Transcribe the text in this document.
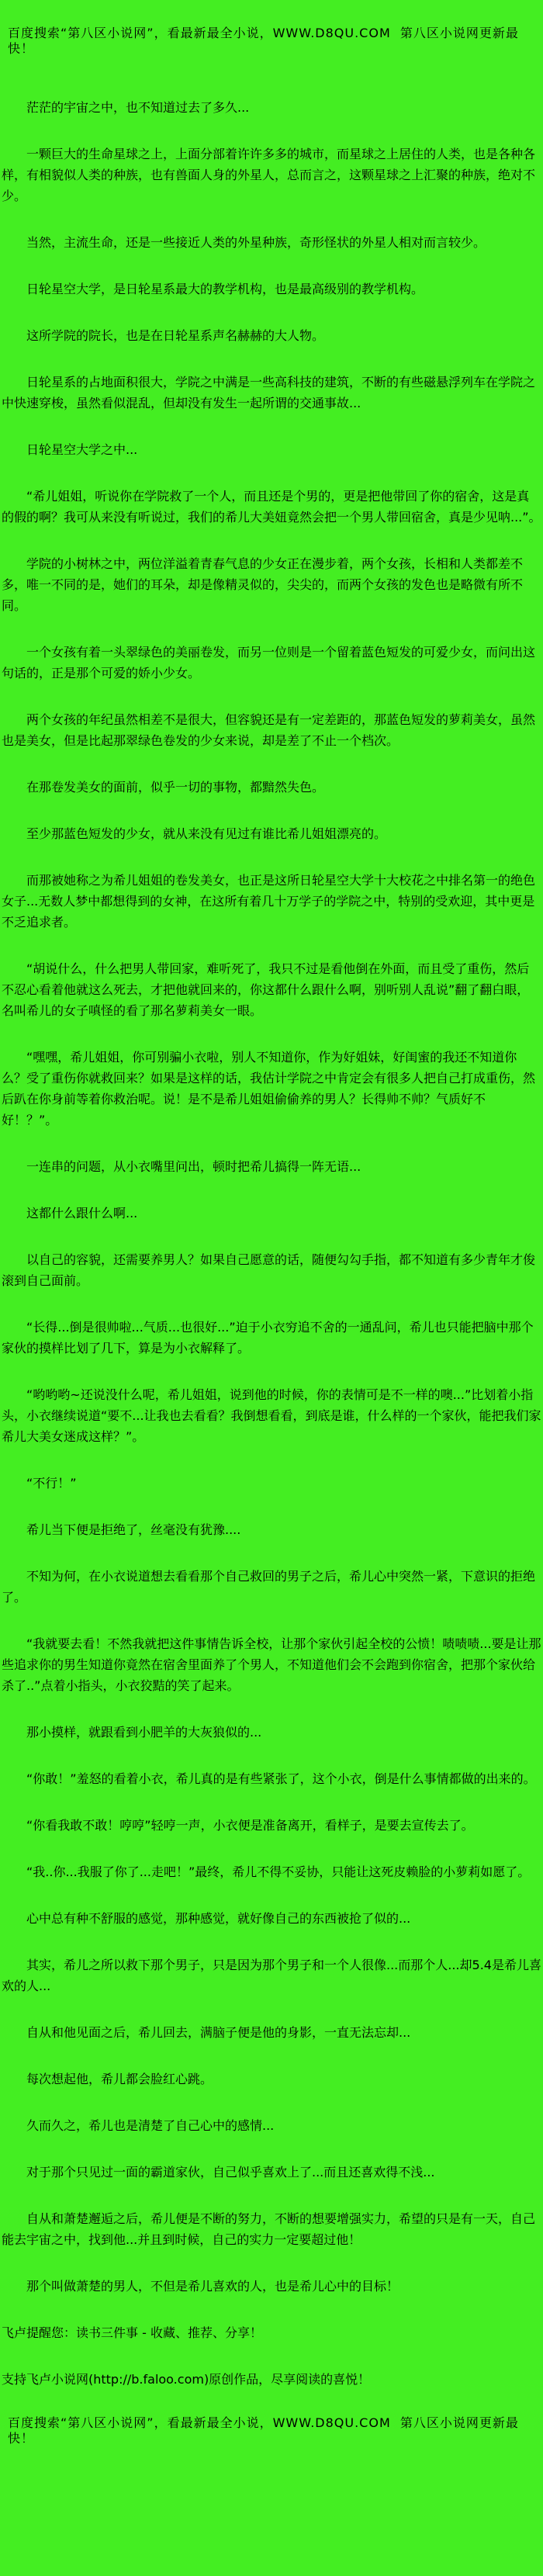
百度搜索“第八区小说网”，看最新最全小说，WWW.D8QU.COM  第八区小说网更新最快！

茫茫的宇宙之中，也不知道过去了多久...

一颗巨大的生命星球之上，上面分部着许许多多的城市，而星球之上居住的人类，也是各种各样，有相貌似人类的种族，也有兽面人身的外星人，总而言之，这颗星球之上汇聚的种族，绝对不少。

当然，主流生命，还是一些接近人类的外星种族，奇形怪状的外星人相对而言较少。

日轮星空大学，是日轮星系最大的教学机构，也是最高级别的教学机构。

这所学院的院长，也是在日轮星系声名赫赫的大人物。

日轮星系的占地面积很大，学院之中满是一些高科技的建筑，不断的有些磁悬浮列车在学院之中快速穿梭，虽然看似混乱，但却没有发生一起所谓的交通事故...

日轮星空大学之中...

“希儿姐姐，听说你在学院救了一个人，而且还是个男的，更是把他带回了你的宿舍，这是真的假的啊？我可从来没有听说过，我们的希儿大美妞竟然会把一个男人带回宿舍，真是少见呐...”。

学院的小树林之中，两位洋溢着青春气息的少女正在漫步着，两个女孩，长相和人类都差不多，唯一不同的是，她们的耳朵，却是像精灵似的，尖尖的，而两个女孩的发色也是略微有所不同。

一个女孩有着一头翠绿色的美丽卷发，而另一位则是一个留着蓝色短发的可爱少女，而问出这句话的，正是那个可爱的娇小少女。

两个女孩的年纪虽然相差不是很大，但容貌还是有一定差距的，那蓝色短发的萝莉美女，虽然也是美女，但是比起那翠绿色卷发的少女来说，却是差了不止一个档次。

在那卷发美女的面前，似乎一切的事物，都黯然失色。

至少那蓝色短发的少女，就从来没有见过有谁比希儿姐姐漂亮的。

而那被她称之为希儿姐姐的卷发美女，也正是这所日轮星空大学十大校花之中排名第一的绝色女子...无数人梦中都想得到的女神，在这所有着几十万学子的学院之中，特别的受欢迎，其中更是不乏追求者。

“胡说什么，什么把男人带回家，难听死了，我只不过是看他倒在外面，而且受了重伤，然后不忍心看着他就这么死去，才把他就回来的，你这都什么跟什么啊，别听别人乱说”翻了翻白眼，名叫希儿的女子嗔怪的看了那名萝莉美女一眼。

“嘿嘿，希儿姐姐，你可别骗小衣啦，别人不知道你，作为好姐妹，好闺蜜的我还不知道你么？受了重伤你就救回来？如果是这样的话，我估计学院之中肯定会有很多人把自己打成重伤，然后趴在你身前等着你救治呢。说！是不是希儿姐姐偷偷养的男人？长得帅不帅？气质好不好！？”。

一连串的问题，从小衣嘴里问出，顿时把希儿搞得一阵无语...

这都什么跟什么啊...

以自己的容貌，还需要养男人？如果自己愿意的话，随便勾勾手指，都不知道有多少青年才俊滚到自己面前。

“长得...倒是很帅啦...气质...也很好...”迫于小衣穷追不舍的一通乱问，希儿也只能把脑中那个家伙的摸样比划了几下，算是为小衣解释了。

“哟哟哟~还说没什么呢，希儿姐姐，说到他的时候，你的表情可是不一样的噢...”比划着小指头，小衣继续说道“要不...让我也去看看？我倒想看看，到底是谁，什么样的一个家伙，能把我们家希儿大美女迷成这样？”。

“不行！”

希儿当下便是拒绝了，丝毫没有犹豫....

不知为何，在小衣说道想去看看那个自己救回的男子之后，希儿心中突然一紧，下意识的拒绝了。

“我就要去看！不然我就把这件事情告诉全校，让那个家伙引起全校的公愤！啧啧啧...要是让那些追求你的男生知道你竟然在宿舍里面养了个男人，不知道他们会不会跑到你宿舍，把那个家伙给杀了..”点着小指头，小衣狡黠的笑了起来。

那小摸样，就跟看到小肥羊的大灰狼似的...

“你敢！”羞怒的看着小衣，希儿真的是有些紧张了，这个小衣，倒是什么事情都做的出来的。

“你看我敢不敢！哼哼”轻哼一声，小衣便是准备离开，看样子，是要去宣传去了。

“我..你...我服了你了...走吧！”最终，希儿不得不妥协，只能让这死皮赖脸的小萝莉如愿了。

心中总有种不舒服的感觉，那种感觉，就好像自己的东西被抢了似的...

其实，希儿之所以救下那个男子，只是因为那个男子和一个人很像...而那个人...却5.4是希儿喜欢的人...

自从和他见面之后，希儿回去，满脑子便是他的身影，一直无法忘却...

每次想起他，希儿都会脸红心跳。

久而久之，希儿也是清楚了自己心中的感情...

对于那个只见过一面的霸道家伙，自己似乎喜欢上了...而且还喜欢得不浅...

自从和萧楚邂逅之后，希儿便是不断的努力，不断的想要增强实力，希望的只是有一天，自己能去宇宙之中，找到他...并且到时候，自己的实力一定要超过他！

那个叫做萧楚的男人，不但是希儿喜欢的人，也是希儿心中的目标！

飞卢提醒您：读书三件事 - 收藏、推荐、分享！
支持飞卢小说网(http://b.faloo.com)原创作品，尽享阅读的喜悦！
百度搜索“第八区小说网”，看最新最全小说，WWW.D8QU.COM  第八区小说网更新最快！
